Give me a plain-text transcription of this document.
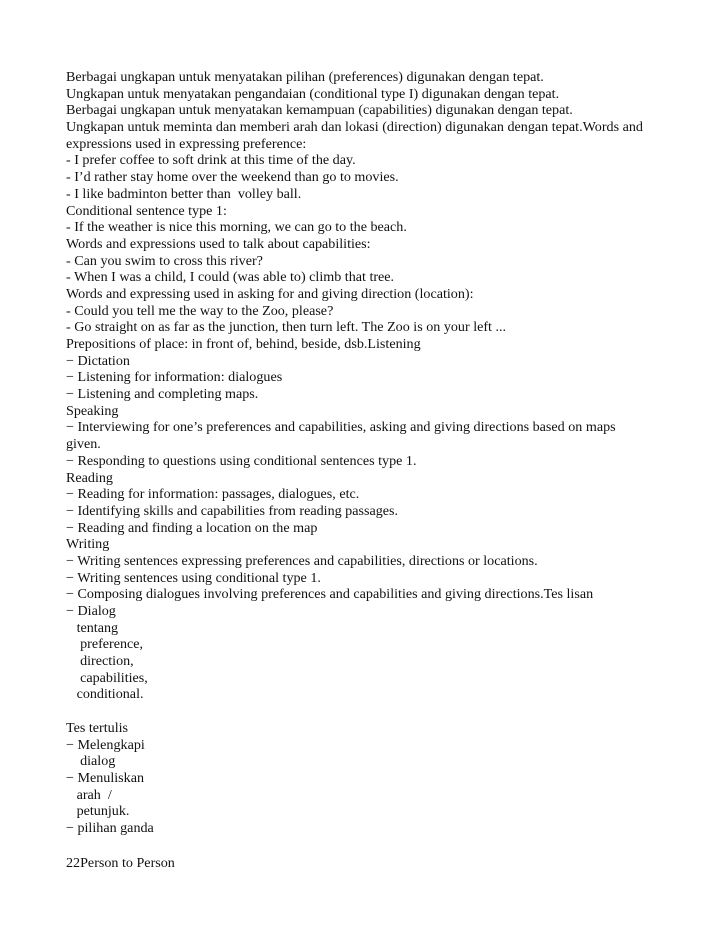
Berbagai ungkapan untuk menyatakan pilihan (preferences) digunakan dengan tepat.
Ungkapan untuk menyatakan pengandaian (conditional type I) digunakan dengan tepat.
Berbagai ungkapan untuk menyatakan kemampuan (capabilities) digunakan dengan tepat.
Ungkapan untuk meminta dan memberi arah dan lokasi (direction) digunakan dengan tepat.Words and
expressions used in expressing preference:
- I prefer coffee to soft drink at this time of the day.
- I’d rather stay home over the weekend than go to movies.
- I like badminton better than  volley ball.
Conditional sentence type 1:
- If the weather is nice this morning, we can go to the beach.
Words and expressions used to talk about capabilities:
- Can you swim to cross this river?
- When I was a child, I could (was able to) climb that tree.
Words and expressing used in asking for and giving direction (location):
- Could you tell me the way to the Zoo, please?
- Go straight on as far as the junction, then turn left. The Zoo is on your left ...
Prepositions of place: in front of, behind, beside, dsb.Listening
− Dictation
− Listening for information: dialogues
− Listening and completing maps.
Speaking
− Interviewing for one’s preferences and capabilities, asking and giving directions based on maps
given.
− Responding to questions using conditional sentences type 1.
Reading
− Reading for information: passages, dialogues, etc.
− Identifying skills and capabilities from reading passages.
− Reading and finding a location on the map
Writing
− Writing sentences expressing preferences and capabilities, directions or locations.
− Writing sentences using conditional type 1.
− Composing dialogues involving preferences and capabilities and giving directions.Tes lisan
− Dialog
tentang
preference,
direction,
capabilities,
conditional.
Tes tertulis
− Melengkapi
dialog
− Menuliskan
arah  /
petunjuk.
− pilihan ganda
22Person to Person
